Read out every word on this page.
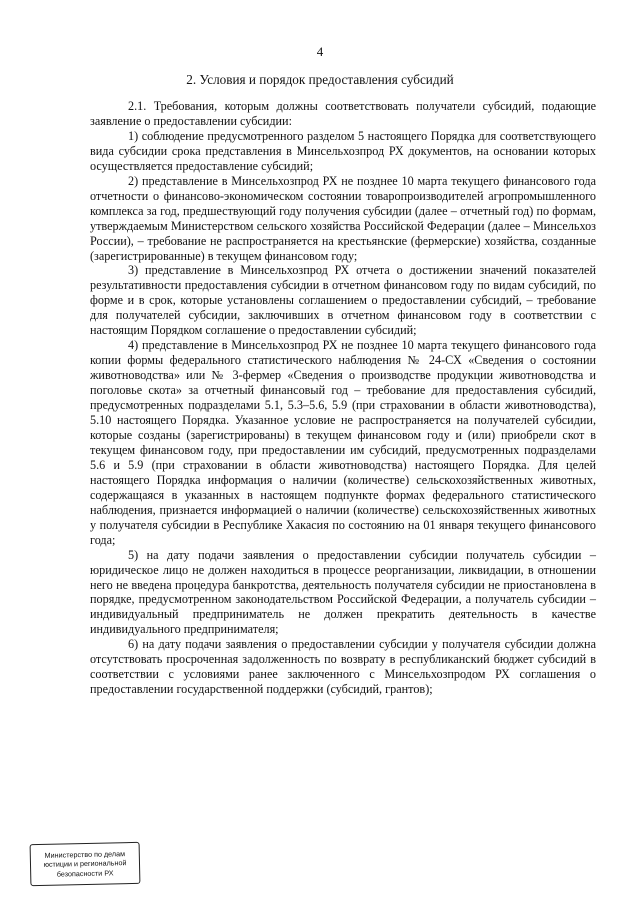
4
2. Условия и порядок предоставления субсидий

2.1. Требования, которым должны соответствовать получатели субсидий, подающие заявление о предоставлении субсидии:

1) соблюдение предусмотренного разделом 5 настоящего Порядка для соответствующего вида субсидии срока представления в Минсельхозпрод РХ документов, на основании которых осуществляется предоставление субсидий;

2) представление в Минсельхозпрод РХ не позднее 10 марта текущего финансового года отчетности о финансово-экономическом состоянии товаропроизводителей агропромышленного комплекса за год, предшествующий году получения субсидии (далее – отчетный год) по формам, утверждаемым Министерством сельского хозяйства Российской Федерации (далее – Минсельхоз России), – требование не распространяется на крестьянские (фермерские) хозяйства, созданные (зарегистрированные) в текущем финансовом году;

3) представление в Минсельхозпрод РХ отчета о достижении значений показателей результативности предоставления субсидии в отчетном финансовом году по видам субсидий, по форме и в срок, которые установлены соглашением о предоставлении субсидий, – требование для получателей субсидии, заключивших в отчетном финансовом году в соответствии с настоящим Порядком соглашение о предоставлении субсидий;

4) представление в Минсельхозпрод РХ не позднее 10 марта текущего финансового года копии формы федерального статистического наблюдения № 24-СХ «Сведения о состоянии животноводства» или № 3-фермер «Сведения о производстве продукции животноводства и поголовье скота» за отчетный финансовый год – требование для предоставления субсидий, предусмотренных подразделами 5.1, 5.3–5.6, 5.9 (при страховании в области животноводства), 5.10 настоящего Порядка. Указанное условие не распространяется на получателей субсидии, которые созданы (зарегистрированы) в текущем финансовом году и (или) приобрели скот в текущем финансовом году, при предоставлении им субсидий, предусмотренных подразделами 5.6 и 5.9 (при страховании в области животноводства) настоящего Порядка. Для целей настоящего Порядка информация о наличии (количестве) сельскохозяйственных животных, содержащаяся в указанных в настоящем подпункте формах федерального статистического наблюдения, признается информацией о наличии (количестве) сельскохозяйственных животных у получателя субсидии в Республике Хакасия по состоянию на 01 января текущего финансового года;

5) на дату подачи заявления о предоставлении субсидии получатель субсидии – юридическое лицо не должен находиться в процессе реорганизации, ликвидации, в отношении него не введена процедура банкротства, деятельность получателя субсидии не приостановлена в порядке, предусмотренном законодательством Российской Федерации, а получатель субсидии – индивидуальный предприниматель не должен прекратить деятельность в качестве индивидуального предпринимателя;

6) на дату подачи заявления о предоставлении субсидии у получателя субсидии должна отсутствовать просроченная задолженность по возврату в республиканский бюджет субсидий в соответствии с условиями ранее заключенного с Минсельхозпродом РХ соглашения о предоставлении государственной поддержки (субсидий, грантов);

Министерство по делам
юстиции и региональной
безопасности РХ
